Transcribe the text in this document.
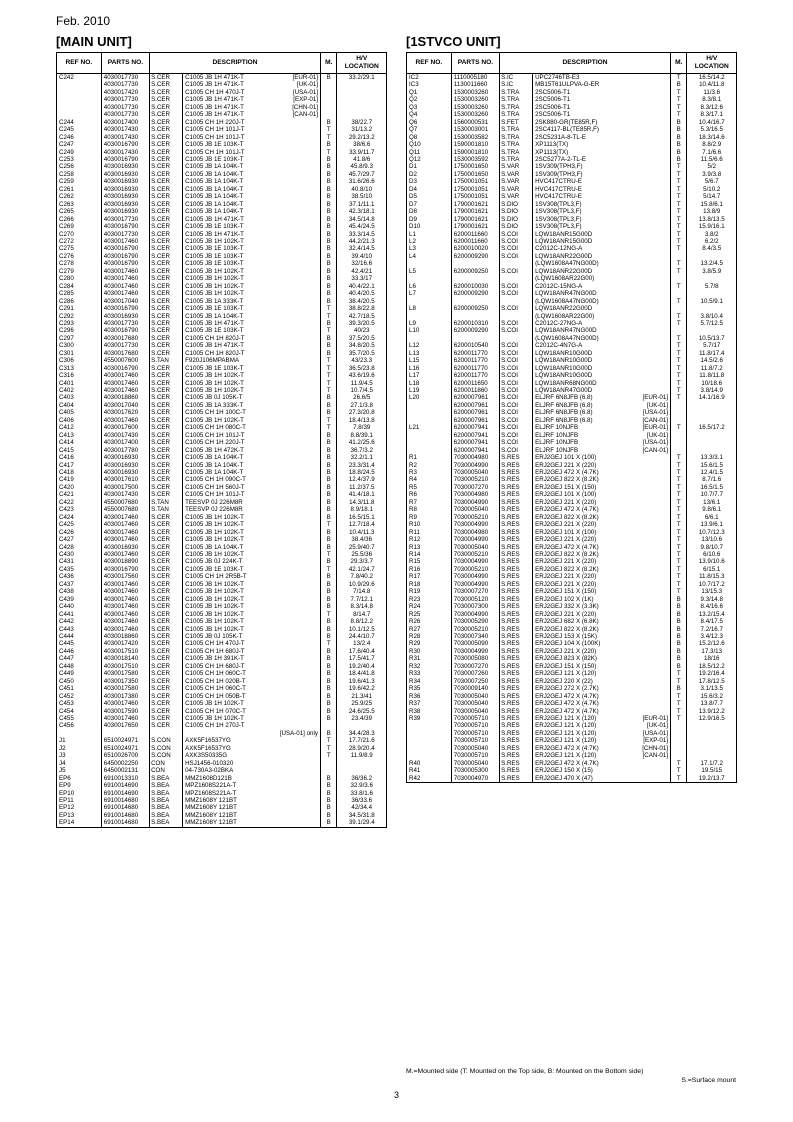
Feb. 2010
[MAIN UNIT]	[1STVCO UNIT]
REF NO.	PARTS NO.	DESCRIPTION		M.	H/V LOCATION
C242	4030017730	S.CER	C1005 JB 1H 471K-T [EUR-01]	B	33.2/29.1
	4030017730	S.CER	C1005 JB 1H 471K-T [UK-01]		

	4030017420	S.CER	C1005 CH 1H 470J-T [USA-01]		

	4030017730	S.CER	C1005 JB 1H 471K-T [EXP-01]		

	4030017730	S.CER	C1005 JB 1H 471K-T [CHN-01]		

	4030017730	S.CER	C1005 JB 1H 471K-T [CAN-01]		

C244	4030017400	S.CER	C1005 CH 1H 220J-T	B	38/22.7
C245	4030017430	S.CER	C1005 CH 1H 101J-T	T	31/13.2
C246	4030017430	S.CER	C1005 CH 1H 101J-T	T	29.2/13.2
C247	4030016790	S.CER	C1005 JB 1E 103K-T	B	38/6.6
C249	4030017430	S.CER	C1005 CH 1H 101J-T	T	33.9/11.7
C253	4030016790	S.CER	C1005 JB 1E 103K-T	B	41.8/6
C256	4030016930	S.CER	C1005 JB 1A 104K-T	B	45.8/9.3
C258	4030016930	S.CER	C1005 JB 1A 104K-T	B	45.7/29.7
C259	4030016930	S.CER	C1005 JB 1A 104K-T	B	31.6/26.6
C261	4030016930	S.CER	C1005 JB 1A 104K-T	B	40.8/10
C262	4030016930	S.CER	C1005 JB 1A 104K-T	B	38.5/10
C263	4030016930	S.CER	C1005 JB 1A 104K-T	B	37.1/11.1
C265	4030016930	S.CER	C1005 JB 1A 104K-T	B	42.3/18.1
C266	4030017730	S.CER	C1005 JB 1H 471K-T	B	34.5/14.8
C269	4030016790	S.CER	C1005 JB 1E 103K-T	B	45.4/24.5
C270	4030017730	S.CER	C1005 JB 1H 471K-T	B	33.3/14.5
C272	4030017460	S.CER	C1005 JB 1H 102K-T	B	44.2/21.3
C275	4030016790	S.CER	C1005 JB 1E 103K-T	B	32.4/14.5
C276	4030016790	S.CER	C1005 JB 1E 103K-T	B	39.4/10
C278	4030016790	S.CER	C1005 JB 1E 103K-T	B	32/16.6
C279	4030017460	S.CER	C1005 JB 1H 102K-T	B	42.4/21
C280	4030017460	S.CER	C1005 JB 1H 102K-T	B	33.3/17
C284	4030017460	S.CER	C1005 JB 1H 102K-T	B	40.4/22.1
C285	4030017460	S.CER	C1005 JB 1H 102K-T	B	40.4/20.5
C286	4030017040	S.CER	C1005 JB 1A 333K-T	B	38.4/20.5
C291	4030016790	S.CER	C1005 JB 1E 103K-T	T	38.8/22.8
C292	4030016930	S.CER	C1005 JB 1A 104K-T	T	42.7/18.5
C293	4030017730	S.CER	C1005 JB 1H 471K-T	B	39.3/20.5
C296	4030016790	S.CER	C1005 JB 1E 103K-T	T	40/23
C297	4030017680	S.CER	C1005 CH 1H 820J-T	B	37.5/20.5
C300	4030017730	S.CER	C1005 JB 1H 471K-T	B	34.8/20.5
C301	4030017680	S.CER	C1005 CH 1H 820J-T	B	35.7/20.5
C306	4550007600	S.TAN	F920J106MPABMA	T	43/23.3
C313	4030016790	S.CER	C1005 JB 1E 103K-T	T	36.5/23.8
C316	4030017460	S.CER	C1005 JB 1H 102K-T	T	43.6/19.6
C401	4030017460	S.CER	C1005 JB 1H 102K-T	T	11.9/4.5
C402	4030017460	S.CER	C1005 JB 1H 102K-T	T	10.7/4.5
C403	4030018860	S.CER	C1005 JB 0J 105K-T	B	26.6/5
C404	4030017040	S.CER	C1005 JB 1A 333K-T	B	27.1/3.8
C405	4030017620	S.CER	C1005 CH 1H 100C-T	B	27.3/20.8
C406	4030017460	S.CER	C1005 JB 1H 102K-T	T	18.4/13.8
C412	4030017600	S.CER	C1005 CH 1H 080C-T	T	7.8/39
C413	4030017430	S.CER	C1005 CH 1H 101J-T	B	8.8/39.1
C414	4030017400	S.CER	C1005 CH 1H 220J-T	B	41.2/25.6
C415	4030017780	S.CER	C1005 JB 1H 472K-T	B	36.7/3.2
C416	4030016930	S.CER	C1005 JB 1A 104K-T	B	32.2/1.1
C417	4030016930	S.CER	C1005 JB 1A 104K-T	B	23.3/31.4
C418	4030016930	S.CER	C1005 JB 1A 104K-T	B	18.8/24.5
C419	4030017610	S.CER	C1005 CH 1H 090C-T	B	12.4/37.9
C420	4030017500	S.CER	C1005 CH 1H 560J-T	B	11.2/37.5
C421	4030017430	S.CER	C1005 CH 1H 101J-T	B	41.4/18.1
C422	4550007680	S.TAN	TEESVP 0J 226M8R	B	14.3/11.8
C423	4550007680	S.TAN	TEESVP 0J 226M8R	B	8.9/18.1
C424	4030017460	S.CER	C1005 JB 1H 102K-T	B	16.5/15.1
C425	4030017460	S.CER	C1005 JB 1H 102K-T	T	12.7/18.4
C426	4030017460	S.CER	C1005 JB 1H 102K-T	B	10.4/11.3
C427	4030017460	S.CER	C1005 JB 1H 102K-T	B	38.4/36
C428	4030016930	S.CER	C1005 JB 1A 104K-T	B	25.9/40.7
C430	4030017460	S.CER	C1005 JB 1H 102K-T	T	25.5/36
C431	4030018890	S.CER	C1005 JB 0J 224K-T	B	29.3/3.7
C435	4030016790	S.CER	C1005 JB 1E 103K-T	T	42.1/24.7
C436	4030017560	S.CER	C1005 CH 1H 2R5B-T	B	7.8/40.2
C437	4030017460	S.CER	C1005 JB 1H 102K-T	B	10.9/29.6
C438	4030017460	S.CER	C1005 JB 1H 102K-T	B	7/14.8
C439	4030017460	S.CER	C1005 JB 1H 102K-T	B	7.7/12.1
C440	4030017460	S.CER	C1005 JB 1H 102K-T	B	8.3/14.8
C441	4030017460	S.CER	C1005 JB 1H 102K-T	T	8/14.7
C442	4030017460	S.CER	C1005 JB 1H 102K-T	B	8.8/12.2
C443	4030017460	S.CER	C1005 JB 1H 102K-T	B	10.1/12.5
C444	4030018860	S.CER	C1005 JB 0J 105K-T	B	24.4/10.7
C445	4030017420	S.CER	C1005 CH 1H 470J-T	T	13/2.4
C446	4030017510	S.CER	C1005 CH 1H 680J-T	B	17.6/40.4
C447	4030018140	S.CER	C1005 JB 1H 391K-T	B	17.5/41.7
C448	4030017510	S.CER	C1005 CH 1H 680J-T	B	19.2/40.4
C449	4030017580	S.CER	C1005 CH 1H 060C-T	B	18.4/41.8
C450	4030017350	S.CER	C1005 CH 1H 020B-T	B	19.6/41.3
C451	4030017580	S.CER	C1005 CH 1H 060C-T	B	19.6/42.2
C452	4030017380	S.CER	C1005 CH 1H 050B-T	B	21.3/41
C453	4030017460	S.CER	C1005 JB 1H 102K-T	B	25.9/25
C454	4030017590	S.CER	C1005 CH 1H 070C-T	B	24.6/25.5
C455	4030017460	S.CER	C1005 JB 1H 102K-T	B	23.4/39
C456	4030017650	S.CER	C1005 CH 1H 270J-T

			[USA-01] only	B	34.4/28.3

J1	6510024971	S.CON	AXK5F16537YG	T	17.7/21.6
J2	6510024971	S.CON	AXK5F16537YG	T	28.9/20.4
J3	6510026700	S.CON	AXK3S50335G	T	11.9/8.9
J4	6450002250	CON	HSJ1456-010320

J5	6450002131	CON	04-730A3-02BKA

EP6	6910013310	S.BEA	MMZ1608D121B	B	36/36.2
EP9	6910014690	S.BEA	MPZ1608S221A-T	B	32.9/3.6
EP10	6910014690	S.BEA	MPZ1608S221A-T	B	33.8/1.6
EP11	6910014680	S.BEA	MMZ1608Y 121BT	B	36/33.6
EP12	6910014680	S.BEA	MMZ1608Y 121BT	B	42/34.4
EP13	6910014680	S.BEA	MMZ1608Y 121BT	B	34.5/31.8
EP14	6910014680	S.BEA	MMZ1608Y 121BT	B	39.1/29.4
REF NO.	PARTS NO.	DESCRIPTION		M.	H/V LOCATION
IC2	1110005180	S.IC	UPC2746TB-E3	T	16.5/14.2
IC3	1130011660	S.IC	MB15T61ULPVA-G-ER	B	10.4/11.8

Q1	1530003260	S.TRA	2SC5006-T1	T	11/3.6
Q2	1530003260	S.TRA	2SC5006-T1	T	8.3/8.1
Q3	1530003260	S.TRA	2SC5006-T1	T	8.3/12.6
Q4	1530003260	S.TRA	2SC5006-T1	T	8.3/17.1
Q6	1560000531	S.FET	2SK880-GR(TE85R,F)	B	10.4/16.7
Q7	1530003001	S.TRA	2SC4117-BL(TE85R,F)	B	5.3/16.5
Q8	1530003582	S.TRA	2SC5231A-8-TL-E	B	18.3/14.6
Q10	1590001810	S.TRA	XP1113(TX)	B	8.8/2.9
Q11	1590001810	S.TRA	XP1113(TX)	B	7.1/6.6
Q12	1530003592	S.TRA	2SC5277A-2-TL-E	B	11.5/6.6

D1	1750001650	S.VAR	1SV309(TPH3,F)	T	5/2
D2	1750001650	S.VAR	1SV309(TPH3,F)	T	3.9/3.8
D3	1750001051	S.VAR	HVC417CTRU-E	T	5/6.7
D4	1750001051	S.VAR	HVC417CTRU-E	T	5/10.2
D5	1750001051	S.VAR	HVC417CTRU-E	T	5/14.7
D7	1790001621	S.DIO	1SV308(TPL3,F)	T	15.8/6.1
D8	1790001621	S.DIO	1SV308(TPL3,F)	T	13.8/9
D9	1790001621	S.DIO	1SV308(TPL3,F)	T	13.8/13.5
D10	1790001621	S.DIO	1SV308(TPL3,F)	T	15.9/16.1

L1	6200011660	S.COI	LQW18ANR15G00D	T	3.8/2
L2	6200011660	S.COI	LQW18ANR15G00D	T	6.2/2
L3	6200010020	S.COI	C2012C-12NG-A	T	8.4/3.5
L4	6200009290	S.COI	LQW18ANR22G00D

			(LQW1608A47NG00D)	T	13.2/4.5
L5	6200009250	S.COI	LQW18ANR22G00D	T	3.8/5.9
			(LQW1608AR22G00)

L6	6200010030	S.COI	C2012C-15NG-A	T	5.7/8
L7	6200009290	S.COI	LQW18ANR47NG00D

			(LQW1608A47NG00D)	T	10.5/9.1
L8	6200009250	S.COI	LQW18ANR22G00D

			(LQW1608AR22G00)	T	3.8/10.4
L9	6200010310	S.COI	C2012C-27NG-A	T	5.7/12.5
L10	6200009290	S.COI	LQW18ANR47NG00D

			(LQW1608A47NG00D)	T	10.5/13.7
L12	6200010540	S.COI	C2012C-4N7G-A	T	5.7/17
L13	6200011770	S.COI	LQW18ANR10G00D	T	11.8/17.4
L15	6200011770	S.COI	LQW18ANR10G00D	T	14.5/2.6
L16	6200011770	S.COI	LQW18ANR10G00D	T	11.8/7.2
L17	6200011770	S.COI	LQW18ANR10G00D	T	11.8/11.8
L18	6200011650	S.COI	LQW18ANR68NG00D	T	10/18.6
L19	6200011860	S.COI	LQW18ANR47G00D	T	3.8/14.9
L20	6200007961	S.COI	ELJRF 6N8JFB (6.8) [EUR-01]	T	14.1/16.9
	6200007961	S.COI	ELJRF 6N8JFB (6.8) [UK-01]		

	6200007961	S.COI	ELJRF 6N8JFB (6.8) [USA-01]		

	6200007961	S.COI	ELJRF 6N8JFB (6.8) [CAN-01]		

L21	6200007941	S.COI	ELJRF 10NJFB [EUR-01]	T	16.5/17.2
	6200007941	S.COI	ELJRF 10NJFB [UK-01]		

	6200007941	S.COI	ELJRF 10NJFB [USA-01]		

	6200007941	S.COI	ELJRF 10NJFB [CAN-01]		

R1	7030004980	S.RES	ERJ2GEJ 101 X (100)	T	13.3/3.1
R2	7030004990	S.RES	ERJ2GEJ 221 X (220)	T	15.6/1.5
R3	7030005040	S.RES	ERJ2GEJ 472 X (4.7K)	T	12.4/1.5
R4	7030005210	S.RES	ERJ2GEJ 822 X (8.2K)	T	8.7/1.6
R5	7030007270	S.RES	ERJ2GEJ 151 X (150)	T	16.5/1.5
R6	7030004980	S.RES	ERJ2GEJ 101 X (100)	T	10.7/7.7
R7	7030004990	S.RES	ERJ2GEJ 221 X (220)	T	13/6.1
R8	7030005040	S.RES	ERJ2GEJ 472 X (4.7K)	T	9.8/6.1
R9	7030005210	S.RES	ERJ2GEJ 822 X (8.2K)	T	6/6.1
R10	7030004990	S.RES	ERJ2GEJ 221 X (220)	T	13.9/6.1
R11	7030004980	S.RES	ERJ2GEJ 101 X (100)	T	10.7/12.3
R12	7030004990	S.RES	ERJ2GEJ 221 X (220)	T	13/10.6
R13	7030005040	S.RES	ERJ2GEJ 472 X (4.7K)	T	9.8/10.7
R14	7030005210	S.RES	ERJ2GEJ 822 X (8.2K)	T	6/10.6
R15	7030004990	S.RES	ERJ2GEJ 221 X (220)	T	13.9/10.6
R16	7030005210	S.RES	ERJ2GEJ 822 X (8.2K)	T	6/15.1
R17	7030004990	S.RES	ERJ2GEJ 221 X (220)	T	11.8/15.3
R18	7030004990	S.RES	ERJ2GEJ 221 X (220)	T	10.7/17.2
R19	7030007270	S.RES	ERJ2GEJ 151 X (150)	T	13/15.3
R23	7030005120	S.RES	ERJ2GEJ 102 X (1K)	B	9.3/14.8
R24	7030007300	S.RES	ERJ2GEJ 332 X (3.3K)	B	8.4/16.6
R25	7030004990	S.RES	ERJ2GEJ 221 X (220)	B	13.2/15.4
R26	7030005290	S.RES	ERJ2GEJ 682 X (6.8K)	B	8.4/17.5
R27	7030005210	S.RES	ERJ2GEJ 822 X (8.2K)	B	7.2/16.7
R28	7030007340	S.RES	ERJ2GEJ 153 X (15K)	B	3.4/12.3
R29	7030005090	S.RES	ERJ2GEJ 104 X (100K)	B	15.2/12.6
R30	7030004990	S.RES	ERJ2GEJ 221 X (220)	B	17.3/13
R31	7030005080	S.RES	ERJ2GEJ 823 X (82K)	B	18/16
R32	7030007270	S.RES	ERJ2GEJ 151 X (150)	B	18.5/12.2
R33	7030007260	S.RES	ERJ2GEJ 121 X (120)	T	19.2/16.4
R34	7030007250	S.RES	ERJ2GEJ 220 X (22)	T	17.8/12.5
R35	7030009140	S.RES	ERJ2GEJ 272 X (2.7K)	B	3.1/13.5
R36	7030005040	S.RES	ERJ2GEJ 472 X (4.7K)	T	15.6/3.2
R37	7030005040	S.RES	ERJ2GEJ 472 X (4.7K)	T	13.8/7.7
R38	7030005040	S.RES	ERJ2GEJ 472 X (4.7K)	T	13.9/12.2
R39	7030005710	S.RES	ERJ2GEJ 121 X (120) [EUR-01]	T	12.9/16.5
	7030005710	S.RES	ERJ2GEJ 121 X (120) [UK-01]		

	7030005710	S.RES	ERJ2GEJ 121 X (120) [USA-01]		

	7030005710	S.RES	ERJ2GEJ 121 X (120) [EXP-01]		

	7030005040	S.RES	ERJ2GEJ 472 X (4.7K) [CHN-01]		

	7030005710	S.RES	ERJ2GEJ 121 X (120) [CAN-01]		

R40	7030005040	S.RES	ERJ2GEJ 472 X (4.7K)	T	17.1/7.2
R41	7030005300	S.RES	ERJ2GEJ 150 X (15)	T	19.5/15
R42	7030004970	S.RES	ERJ2GEJ 470 X (47)	T	19.2/13.7
M.=Mounted side (T: Mounted on the Top side, B: Mounted on the Bottom side)
S.=Surface mount
3
